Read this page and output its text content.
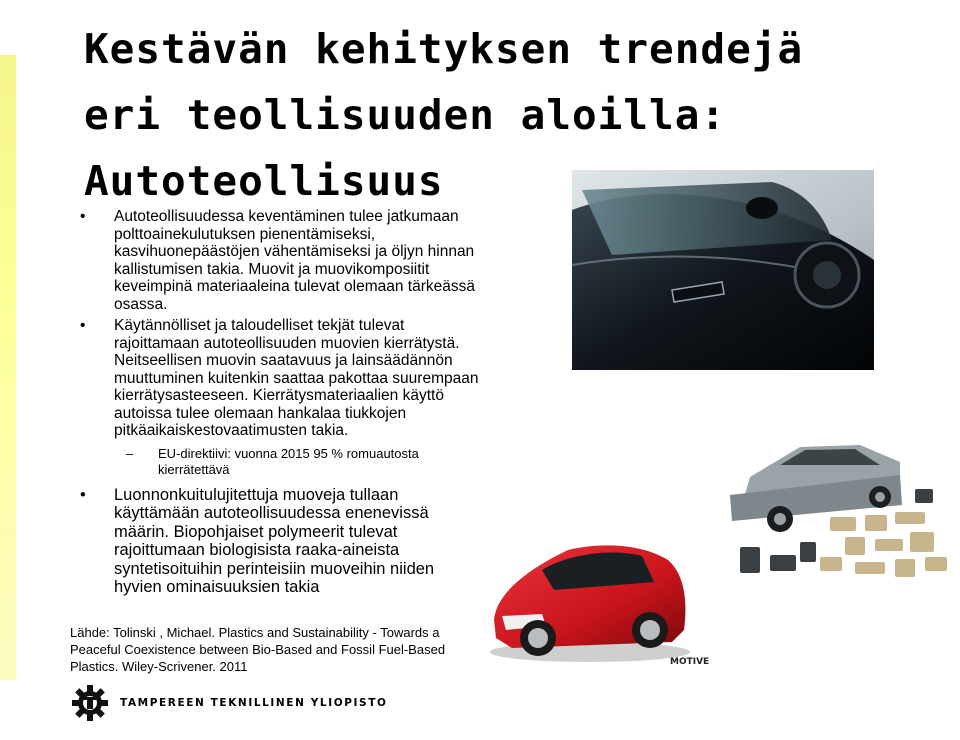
Kestävän kehityksen trendejä
eri teollisuuden aloilla:
Autoteollisuus

• Autoteollisuudessa keventäminen tulee jatkumaan polttoainekulutuksen pienentämiseksi, kasvihuonepäästöjen vähentämiseksi ja öljyn hinnan kallistumisen takia. Muovit ja muovikomposiitit keveimpinä materiaaleina tulevat olemaan tärkeässä osassa.

• Käytännölliset ja taloudelliset tekjät tulevat rajoittamaan autoteollisuuden muovien kierrätystä. Neitseellisen muovin saatavuus ja lainsäädännön muuttuminen kuitenkin saattaa pakottaa suurempaan kierrätysasteeseen. Kierrätysmateriaalien käyttö autoissa tulee olemaan hankalaa tiukkojen pitkäaikaiskestovaatimusten takia.

– EU-direktiivi: vuonna 2015 95 % romuautosta kierrätettävä

• Luonnonkuitulujitettuja muoveja tullaan käyttämään autoteollisuudessa enenevissä määrin. Biopohjaiset polymeerit tulevat rajoittumaan biologisista raaka-aineista syntetisoituihin perinteisiin muoveihin niiden hyvien ominaisuuksien takia

Lähde: Tolinski , Michael. Plastics and Sustainability - Towards a Peaceful Coexistence between Bio-Based and Fossil Fuel-Based Plastics. Wiley-Scrivener. 2011
TAMPEREEN TEKNILLINEN YLIOPISTO
MOTIVE
